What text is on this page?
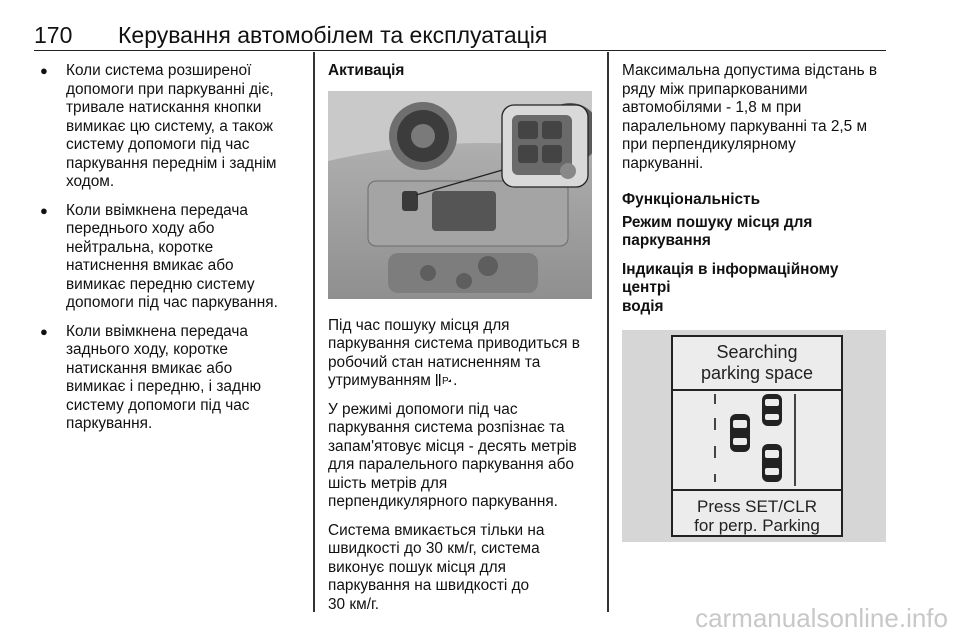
170 Керування автомобілем та експлуатація
● Коли система розширеної
допомоги при паркуванні діє,
тривале натискання кнопки
вимикає цю систему, а також
систему допомоги під час
паркування переднім і заднім
ходом.
● Коли ввімкнена передача
переднього ходу або
нейтральна, коротке
натиснення вмикає або
вимикає передню систему
допомоги під час паркування.
● Коли ввімкнена передача
заднього ходу, коротке
натискання вмикає або
вимикає і передню, і задню
систему допомоги під час
паркування.

Активація

Під час пошуку місця для
паркування система приводиться в
робочий стан натисненням та
утримуванням P .

У режимі допомоги під час
паркування система розпізнає та
запам'ятовує місця - десять метрів
для паралельного паркування або
шість метрів для
перпендикулярного паркування.

Система вмикається тільки на
швидкості до 30 км/г, система
виконує пошук місця для
паркування на швидкості до
30 км/г.

Максимальна допустима відстань в
ряду між припаркованими
автомобілями - 1,8 м при
паралельному паркуванні та 2,5 м
при перпендикулярному
паркуванні.

Функціональність

Режим пошуку місця для
паркування

Індикація в інформаційному центрі
водія

Searching
parking space
Press SET/CLR
for perp. Parking
carmanualsonline.info
